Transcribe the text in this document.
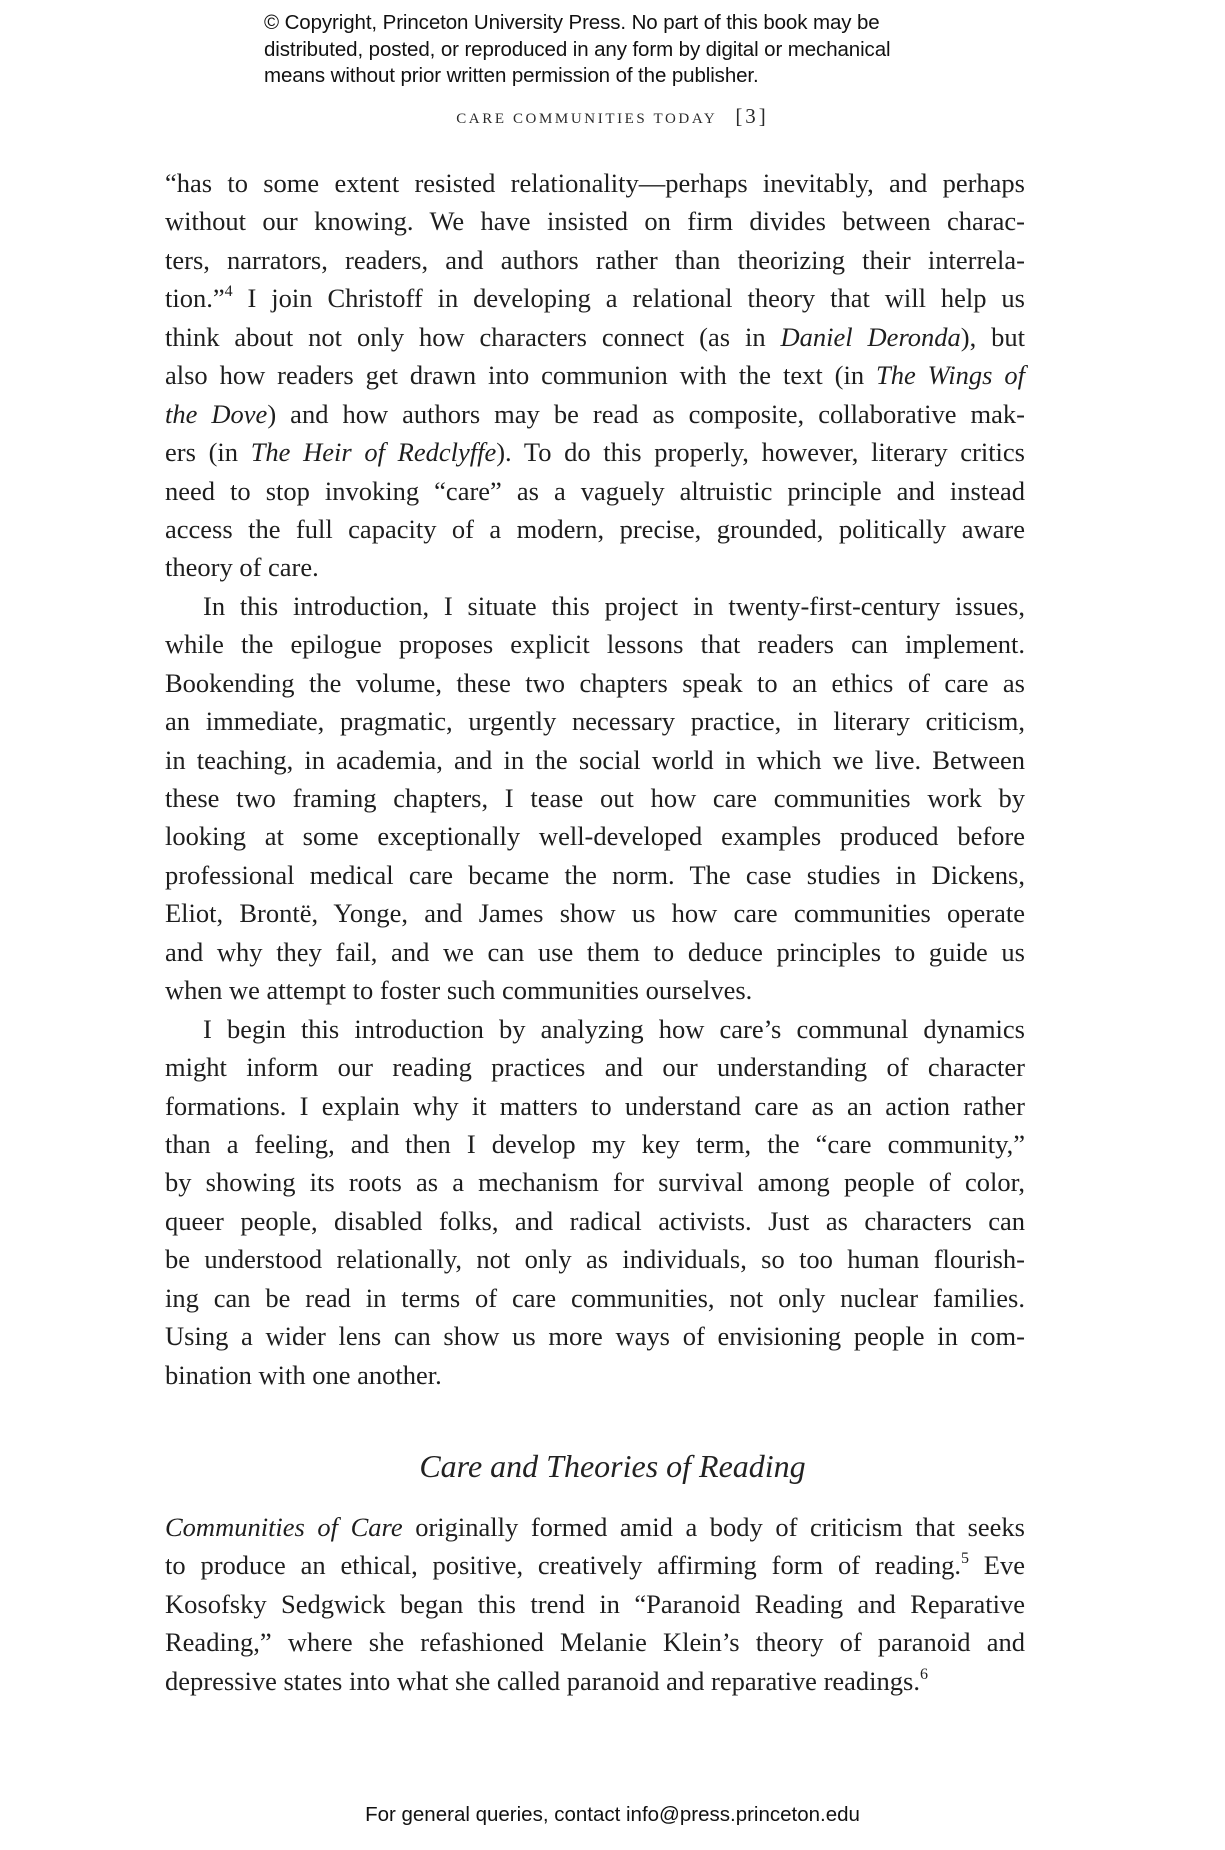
© Copyright, Princeton University Press. No part of this book may be
distributed, posted, or reproduced in any form by digital or mechanical
means without prior written permission of the publisher.
CARE COMMUNITIES TODAY [3]
“has to some extent resisted relationality—perhaps inevitably, and perhaps
without our knowing. We have insisted on firm divides between charac-
ters, narrators, readers, and authors rather than theorizing their interrela-
tion.”$^4$ I join Christoff in developing a relational theory that will help us
think about not only how characters connect (as in Daniel Deronda), but
also how readers get drawn into communion with the text (in The Wings of
the Dove) and how authors may be read as composite, collaborative mak-
ers (in The Heir of Redclyffe). To do this properly, however, literary critics
need to stop invoking “care” as a vaguely altruistic principle and instead
access the full capacity of a modern, precise, grounded, politically aware
theory of care.
In this introduction, I situate this project in twenty-first-century issues,
while the epilogue proposes explicit lessons that readers can implement.
Bookending the volume, these two chapters speak to an ethics of care as
an immediate, pragmatic, urgently necessary practice, in literary criticism,
in teaching, in academia, and in the social world in which we live. Between
these two framing chapters, I tease out how care communities work by
looking at some exceptionally well-developed examples produced before
professional medical care became the norm. The case studies in Dickens,
Eliot, Brontë, Yonge, and James show us how care communities operate
and why they fail, and we can use them to deduce principles to guide us
when we attempt to foster such communities ourselves.
I begin this introduction by analyzing how care’s communal dynamics
might inform our reading practices and our understanding of character
formations. I explain why it matters to understand care as an action rather
than a feeling, and then I develop my key term, the “care community,”
by showing its roots as a mechanism for survival among people of color,
queer people, disabled folks, and radical activists. Just as characters can
be understood relationally, not only as individuals, so too human flourish-
ing can be read in terms of care communities, not only nuclear families.
Using a wider lens can show us more ways of envisioning people in com-
bination with one another.
Care and Theories of Reading
Communities of Care originally formed amid a body of criticism that seeks
to produce an ethical, positive, creatively affirming form of reading.$^5$ Eve
Kosofsky Sedgwick began this trend in “Paranoid Reading and Reparative
Reading,” where she refashioned Melanie Klein’s theory of paranoid and
depressive states into what she called paranoid and reparative readings.$^6$
For general queries, contact info@press.princeton.edu
